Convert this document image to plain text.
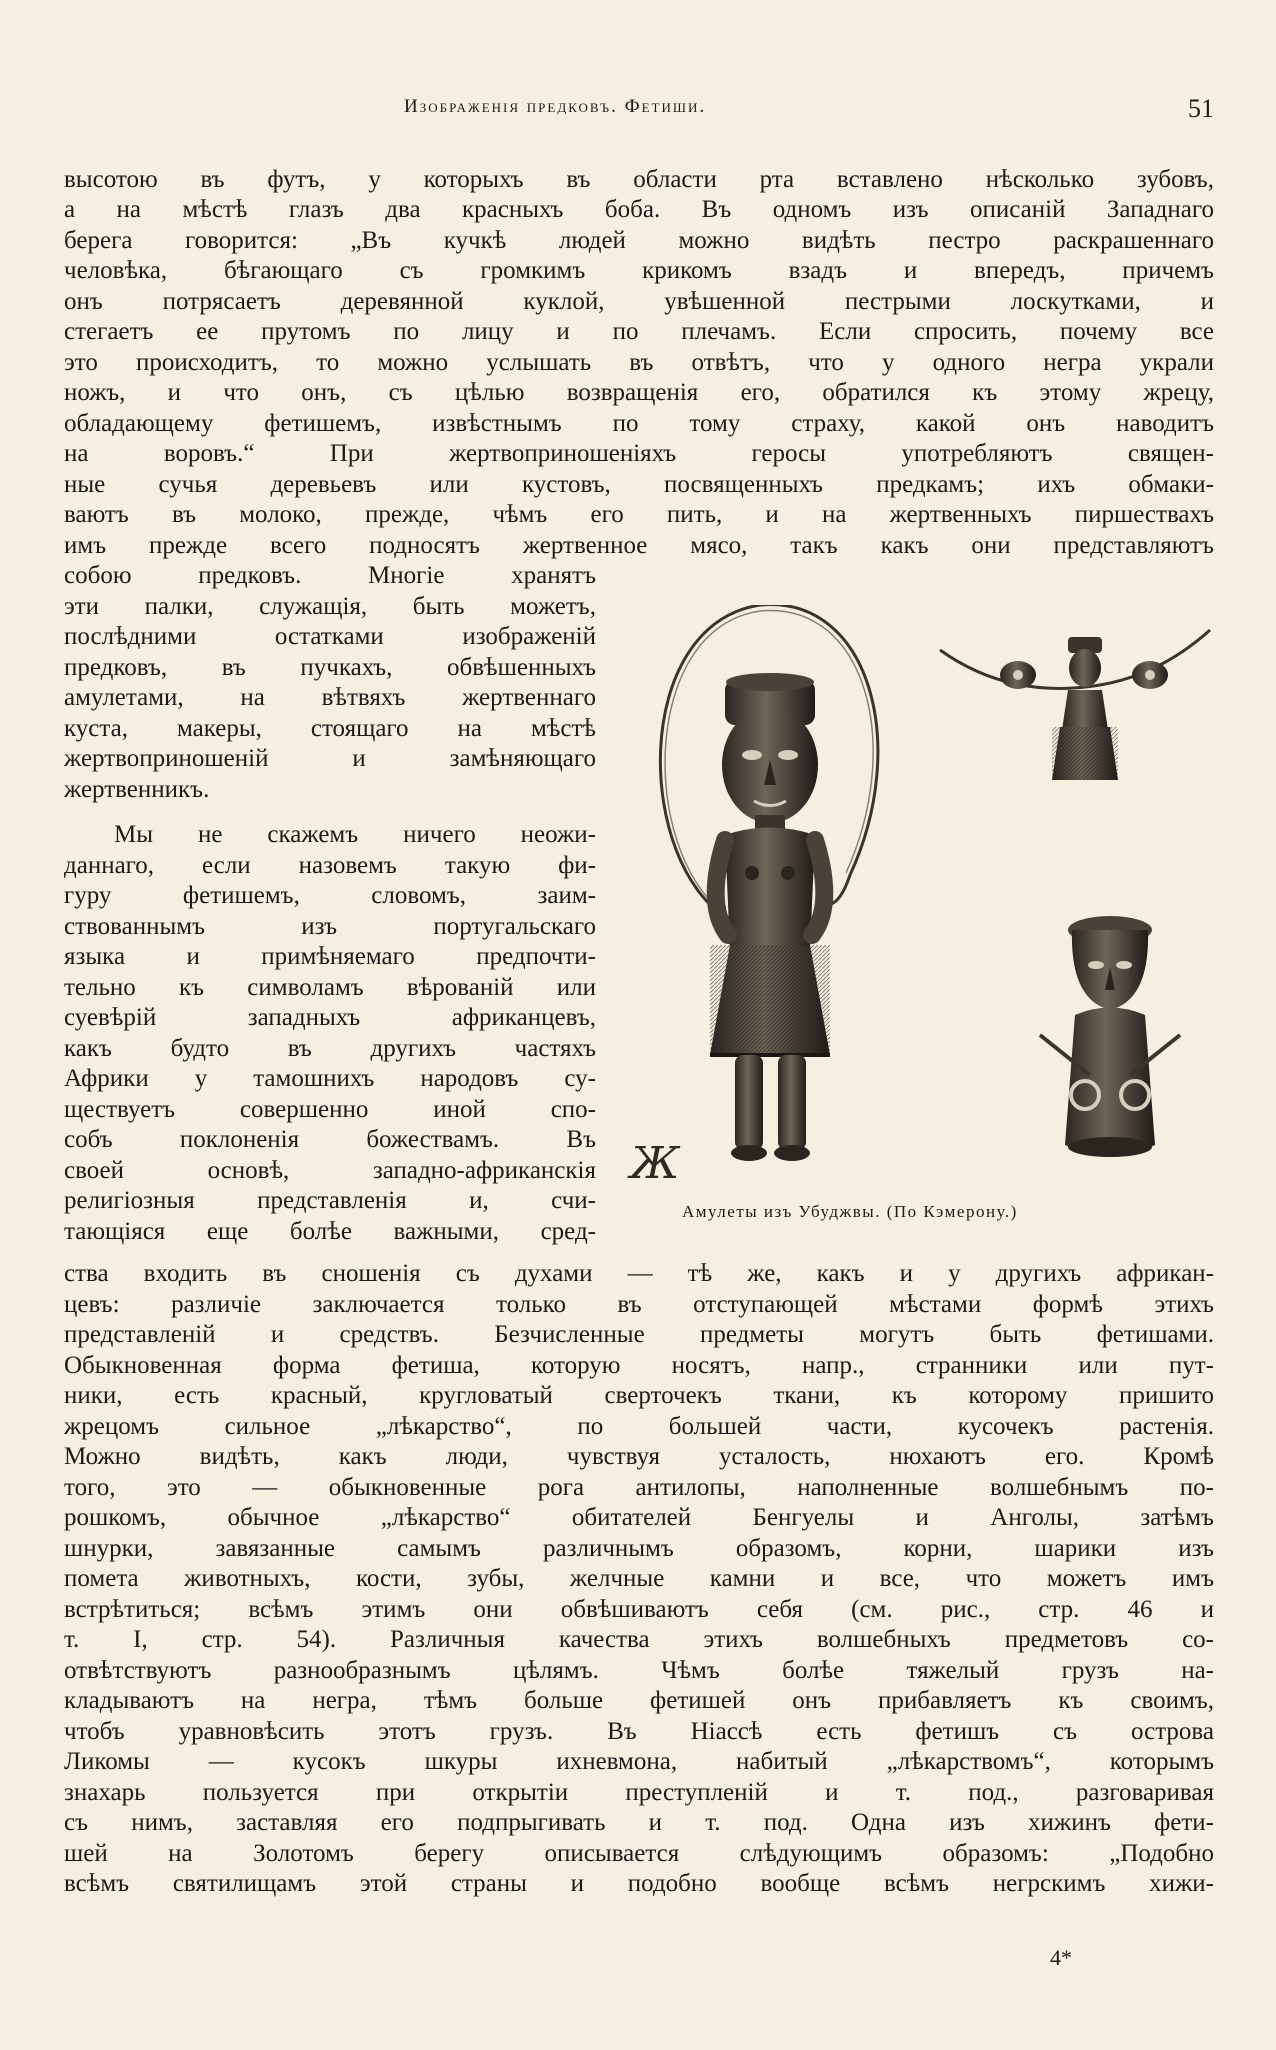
Изображенія предковъ. Фетиши.	51
высотою въ футъ, у которыхъ въ области рта вставлено нѣсколько зубовъ,
а на мѣстѣ глазъ два красныхъ боба. Въ одномъ изъ описаній Западнаго
берега говорится: „Въ кучкѣ людей можно видѣть пестро раскрашеннаго
человѣка, бѣгающаго съ громкимъ крикомъ взадъ и впередъ, причемъ
онъ потрясаетъ деревянной куклой, увѣшенной пестрыми лоскутками, и
стегаетъ ее прутомъ по лицу и по плечамъ. Если спросить, почему все
это происходитъ, то можно услышать въ отвѣтъ, что у одного негра украли
ножъ, и что онъ, съ цѣлью возвращенія его, обратился къ этому жрецу,
обладающему фетишемъ, извѣстнымъ по тому страху, какой онъ наводитъ
на воровъ.“ При жертвоприношеніяхъ геросы употребляютъ священ-
ные сучья деревьевъ или кустовъ, посвященныхъ предкамъ; ихъ обмаки-
ваютъ въ молоко, прежде, чѣмъ его пить, и на жертвенныхъ пиршествахъ
имъ прежде всего подносятъ жертвенное мясо, такъ какъ они представляютъ
собою предковъ. Многіе хранятъ
эти палки, служащія, быть можетъ,
послѣдними остатками изображеній
предковъ, въ пучкахъ, обвѣшенныхъ
амулетами, на вѣтвяхъ жертвеннаго
куста, макеры, стоящаго на мѣстѣ
жертвоприношеній и замѣняющаго
жертвенникъ.
Мы не скажемъ ничего неожи-
даннаго, если назовемъ такую фи-
гуру фетишемъ, словомъ, заим-
ствованнымъ изъ португальскаго
языка и примѣняемаго предпочти-
тельно къ символамъ вѣрованій или
суевѣрій западныхъ африканцевъ,
какъ будто въ другихъ частяхъ
Африки у тамошнихъ народовъ су-
ществуетъ совершенно иной спо-
собъ поклоненія божествамъ. Въ
своей основѣ, западно-африканскія
религіозныя представленія и, счи-
тающіяся еще болѣе важными, сред-
Ж
Амулеты изъ Убуджвы. (По Кэмерону.)
ства входить въ сношенія съ духами — тѣ же, какъ и у другихъ африкан-
цевъ: различіе заключается только въ отступающей мѣстами формѣ этихъ
представленій и средствъ. Безчисленные предметы могутъ быть фетишами.
Обыкновенная форма фетиша, которую носятъ, напр., странники или пут-
ники, есть красный, кругловатый сверточекъ ткани, къ которому пришито
жрецомъ сильное „лѣкарство“, по большей части, кусочекъ растенія.
Можно видѣть, какъ люди, чувствуя усталость, нюхаютъ его. Кромѣ
того, это — обыкновенные рога антилопы, наполненные волшебнымъ по-
рошкомъ, обычное „лѣкарство“ обитателей Бенгуелы и Анголы, затѣмъ
шнурки, завязанные самымъ различнымъ образомъ, корни, шарики изъ
помета животныхъ, кости, зубы, желчные камни и все, что можетъ имъ
встрѣтиться; всѣмъ этимъ они обвѣшиваютъ себя (см. рис., стр. 46 и
т. I, стр. 54). Различныя качества этихъ волшебныхъ предметовъ со-
отвѣтствуютъ разнообразнымъ цѣлямъ. Чѣмъ болѣе тяжелый грузъ на-
кладываютъ на негра, тѣмъ больше фетишей онъ прибавляетъ къ своимъ,
чтобъ уравновѣсить этотъ грузъ. Въ Ніассѣ есть фетишъ съ острова
Ликомы — кусокъ шкуры ихневмона, набитый „лѣкарствомъ“, которымъ
знахарь пользуется при открытіи преступленій и т. под., разговаривая
съ нимъ, заставляя его подпрыгивать и т. под. Одна изъ хижинъ фети-
шей на Золотомъ берегу описывается слѣдующимъ образомъ: „Подобно
всѣмъ святилищамъ этой страны и подобно вообще всѣмъ негрскимъ хижи-
4*
